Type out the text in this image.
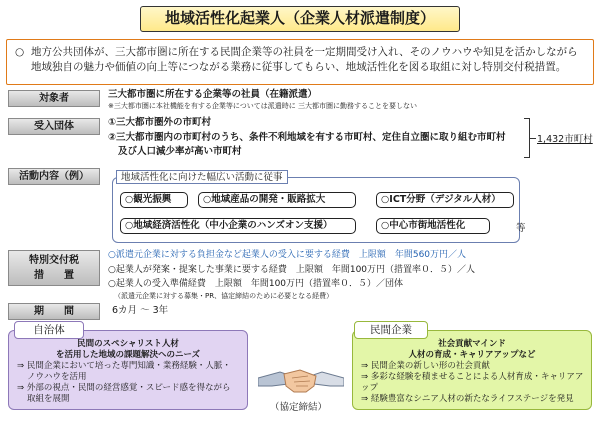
地域活性化起業人（企業人材派遣制度）
○ 地方公共団体が、三大都市圏に所在する民間企業等の社員を一定期間受け入れ、そのノウハウや知見を活かしながら
地域独自の魅力や価値の向上等につながる業務に従事してもらい、地域活性化を図る取組に対し特別交付税措置。
対象者	三大都市圏に所在する企業等の社員（在籍派遣）
※三大都市圏に本社機能を有する企業等については派遣時に 三大都市圏に勤務することを要しない
受入団体	①三大都市圏外の市町村
②三大都市圏内の市町村のうち、条件不利地域を有する市町村、定住自立圏に取り組む市町村
及び人口減少率が高い市町村
1,432市町村
活動内容（例）	地域活性化に向けた幅広い活動に従事
○観光振興	○地域産品の開発・販路拡大	○ICT分野（デジタル人材）
○地域経済活性化（中小企業のハンズオン支援）	○中心市街地活性化	等
特別交付税
措　　置
○派遣元企業に対する負担金など起業人の受入に要する経費　上限額　年間560万円／人
○起業人が発案・提案した事業に要する経費　上限額　年間100万円（措置率０．５）／人
○起業人の受入準備経費　上限額　年間100万円（措置率０．５）／団体
（派遣元企業に対する募集・PR、協定締結のために必要となる経費）
期　　間	6カ月 ～ 3年
民間のスペシャリスト人材
を活用した地域の課題解決へのニーズ
⇒ 民間企業において培った専門知識・業務経験・人脈・
ノウハウを活用
⇒ 外部の視点・民間の経営感覚・スピード感を得ながら
取組を展開
自治体
社会貢献マインド
人材の育成・キャリアアップなど
⇒ 民間企業の新しい形の社会貢献
⇒ 多彩な経験を積ませることによる人材育成・キャリアアップ
⇒ 経験豊富なシニア人材の新たなライフステージを発見
民間企業
（協定締結）
